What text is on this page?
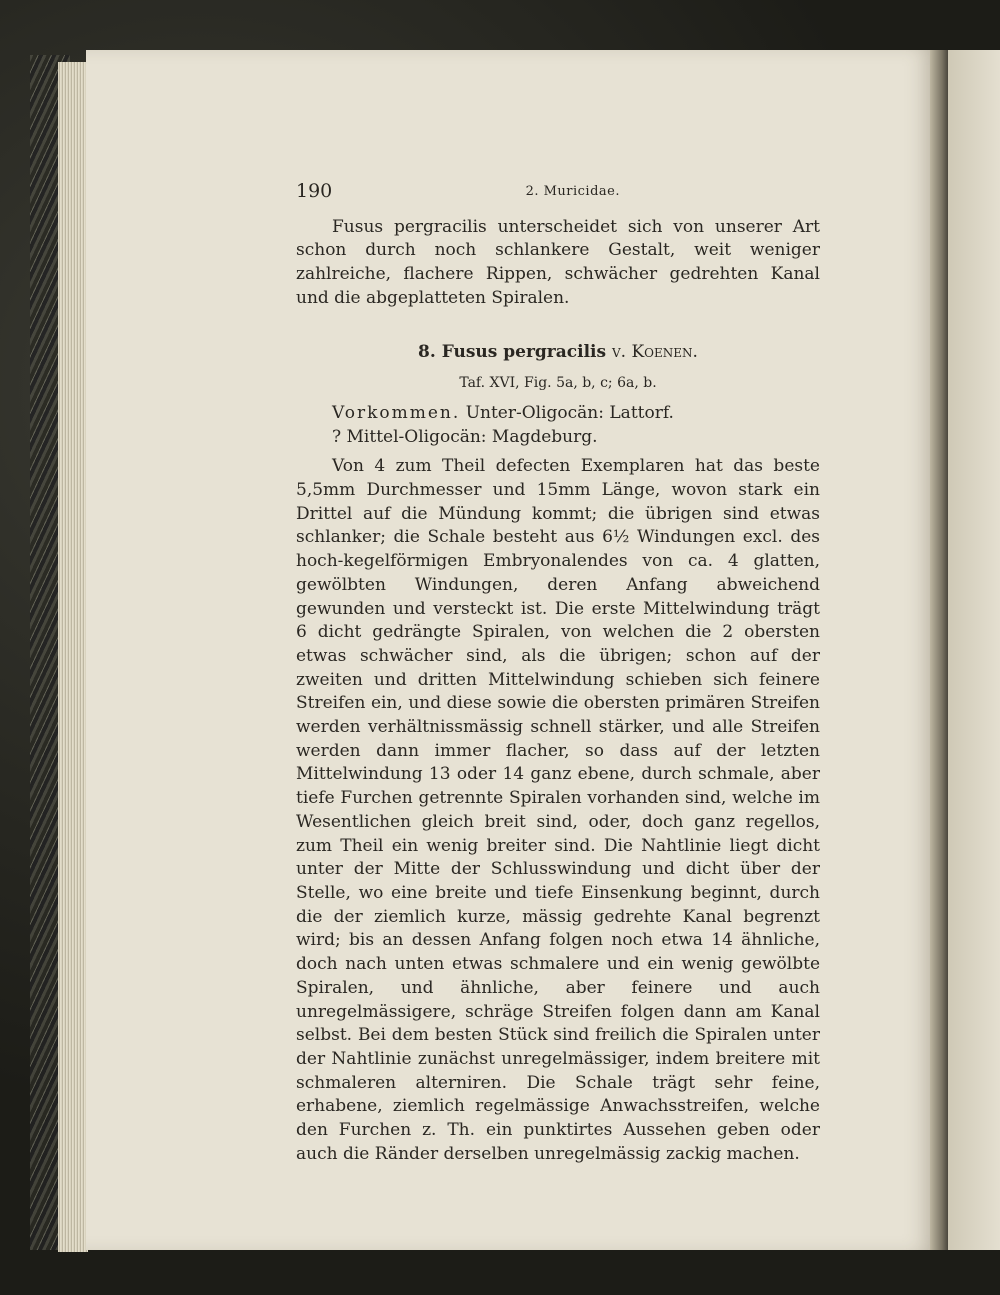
190	2. Muricidae.

Fusus pergracilis unterscheidet sich von unserer Art schon durch noch schlankere Gestalt, weit weniger zahlreiche, flachere Rippen, schwächer gedrehten Kanal und die abgeplatteten Spiralen.

8. Fusus pergracilis v. Koenen.
Taf. XVI, Fig. 5a, b, c; 6a, b.
Vorkommen. Unter-Oligocän: Lattorf.
? Mittel-Oligocän: Magdeburg.

Von 4 zum Theil defecten Exemplaren hat das beste 5,5mm Durchmesser und 15mm Länge, wovon stark ein Drittel auf die Mündung kommt; die übrigen sind etwas schlanker; die Schale besteht aus 6½ Windungen excl. des hoch-kegelförmigen Embryonalendes von ca. 4 glatten, gewölbten Windungen, deren Anfang abweichend gewunden und versteckt ist. Die erste Mittelwindung trägt 6 dicht gedrängte Spiralen, von welchen die 2 obersten etwas schwächer sind, als die übrigen; schon auf der zweiten und dritten Mittelwindung schieben sich feinere Streifen ein, und diese sowie die obersten primären Streifen werden verhältnissmässig schnell stärker, und alle Streifen werden dann immer flacher, so dass auf der letzten Mittelwindung 13 oder 14 ganz ebene, durch schmale, aber tiefe Furchen getrennte Spiralen vorhanden sind, welche im Wesentlichen gleich breit sind, oder, doch ganz regellos, zum Theil ein wenig breiter sind. Die Nahtlinie liegt dicht unter der Mitte der Schlusswindung und dicht über der Stelle, wo eine breite und tiefe Einsenkung beginnt, durch die der ziemlich kurze, mässig gedrehte Kanal begrenzt wird; bis an dessen Anfang folgen noch etwa 14 ähnliche, doch nach unten etwas schmalere und ein wenig gewölbte Spiralen, und ähnliche, aber feinere und auch unregelmässigere, schräge Streifen folgen dann am Kanal selbst. Bei dem besten Stück sind freilich die Spiralen unter der Nahtlinie zunächst unregelmässiger, indem breitere mit schmaleren alterniren. Die Schale trägt sehr feine, erhabene, ziemlich regelmässige Anwachsstreifen, welche den Furchen z. Th. ein punktirtes Aussehen geben oder auch die Ränder derselben unregelmässig zackig machen.
